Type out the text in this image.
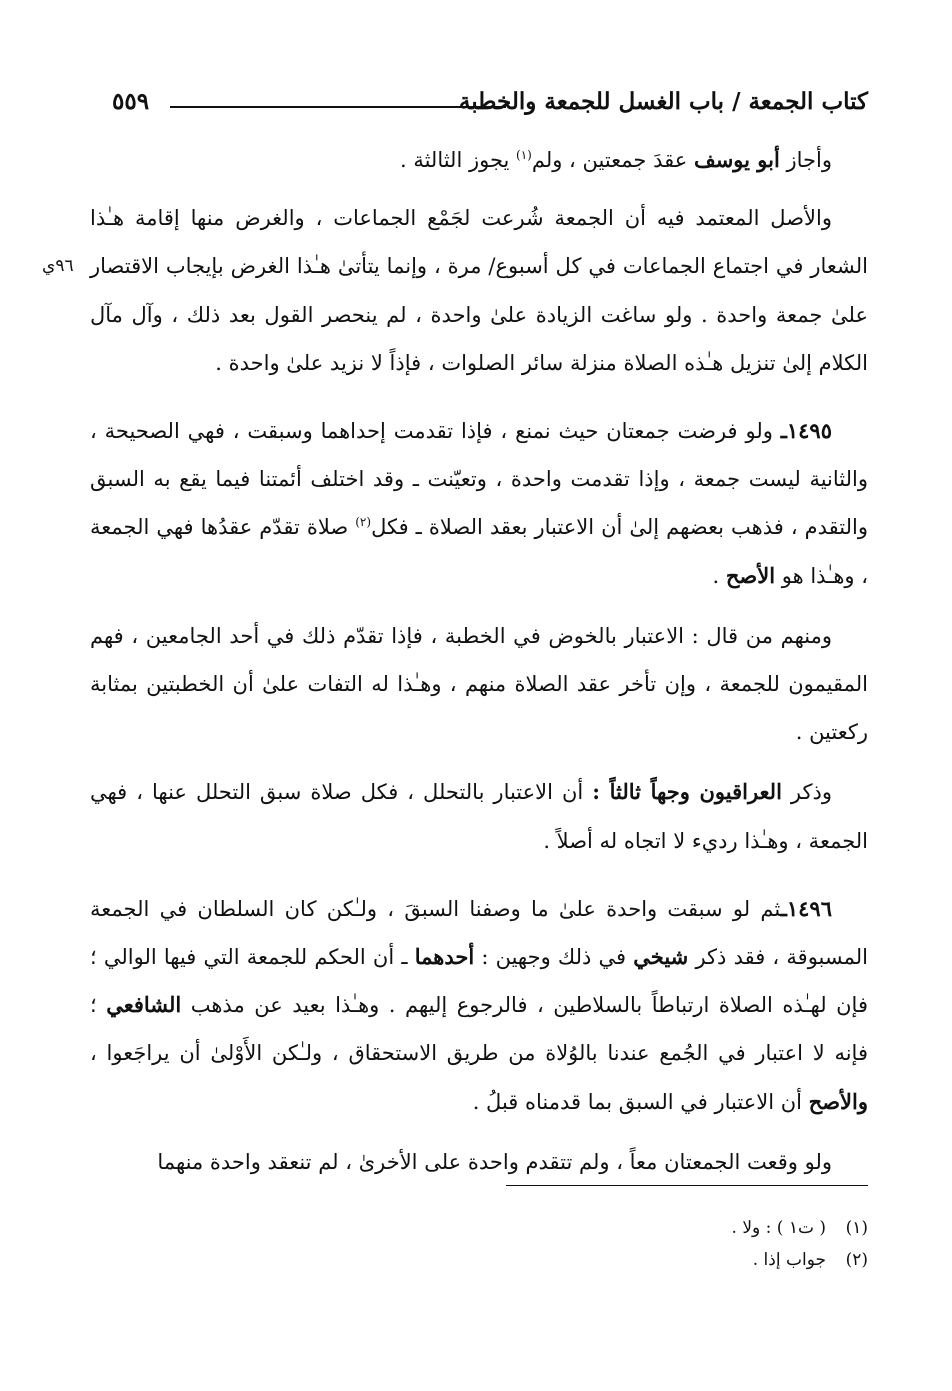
كتاب الجمعة / باب الغسل للجمعة والخطبة
٥٥٩
٩٦ي

وأجاز أبو يوسف عقدَ جمعتين ، ولم$^{(١)}$ يجوز الثالثة .

والأصل المعتمد فيه أن الجمعة شُرعت لجَمْع الجماعات ، والغرض منها إقامة هـٰذا الشعار في اجتماع الجماعات في كل أسبوع/ مرة ، وإنما يتأتىٰ هـٰذا الغرض بإيجاب الاقتصار علىٰ جمعة واحدة . ولو ساغت الزيادة علىٰ واحدة ، لم ينحصر القول بعد ذلك ، وآل مآل الكلام إلىٰ تنزيل هـٰذه الصلاة منزلة سائر الصلوات ، فإذاً لا نزيد علىٰ واحدة .

١٤٩٥ـ ولو فرضت جمعتان حيث نمنع ، فإذا تقدمت إحداهما وسبقت ، فهي الصحيحة ، والثانية ليست جمعة ، وإذا تقدمت واحدة ، وتعيّنت ـ وقد اختلف أئمتنا فيما يقع به السبق والتقدم ، فذهب بعضهم إلىٰ أن الاعتبار بعقد الصلاة ـ فكل$^{(٢)}$ صلاة تقدّم عقدُها فهي الجمعة ، وهـٰذا هو الأصح .

ومنهم من قال : الاعتبار بالخوض في الخطبة ، فإذا تقدّم ذلك في أحد الجامعين ، فهم المقيمون للجمعة ، وإن تأخر عقد الصلاة منهم ، وهـٰذا له التفات علىٰ أن الخطبتين بمثابة ركعتين .

وذكر العراقيون وجهاً ثالثاً : أن الاعتبار بالتحلل ، فكل صلاة سبق التحلل عنها ، فهي الجمعة ، وهـٰذا رديء لا اتجاه له أصلاً .

١٤٩٦ـثم لو سبقت واحدة علىٰ ما وصفنا السبقَ ، ولـٰكن كان السلطان في الجمعة المسبوقة ، فقد ذكر شيخي في ذلك وجهين : أحدهما ـ أن الحكم للجمعة التي فيها الوالي ؛ فإن لهـٰذه الصلاة ارتباطاً بالسلاطين ، فالرجوع إليهم . وهـٰذا بعيد عن مذهب الشافعي ؛ فإنه لا اعتبار في الجُمع عندنا بالوُلاة من طريق الاستحقاق ، ولـٰكن الأَوْلىٰ أن يراجَعوا ، والأصح أن الاعتبار في السبق بما قدمناه قبلُ .

ولو وقعت الجمعتان معاً ، ولم تتقدم واحدة على الأخرىٰ ، لم تنعقد واحدة منهما

(١)( ت١ ) : ولا .

(٢)جواب إذا .
